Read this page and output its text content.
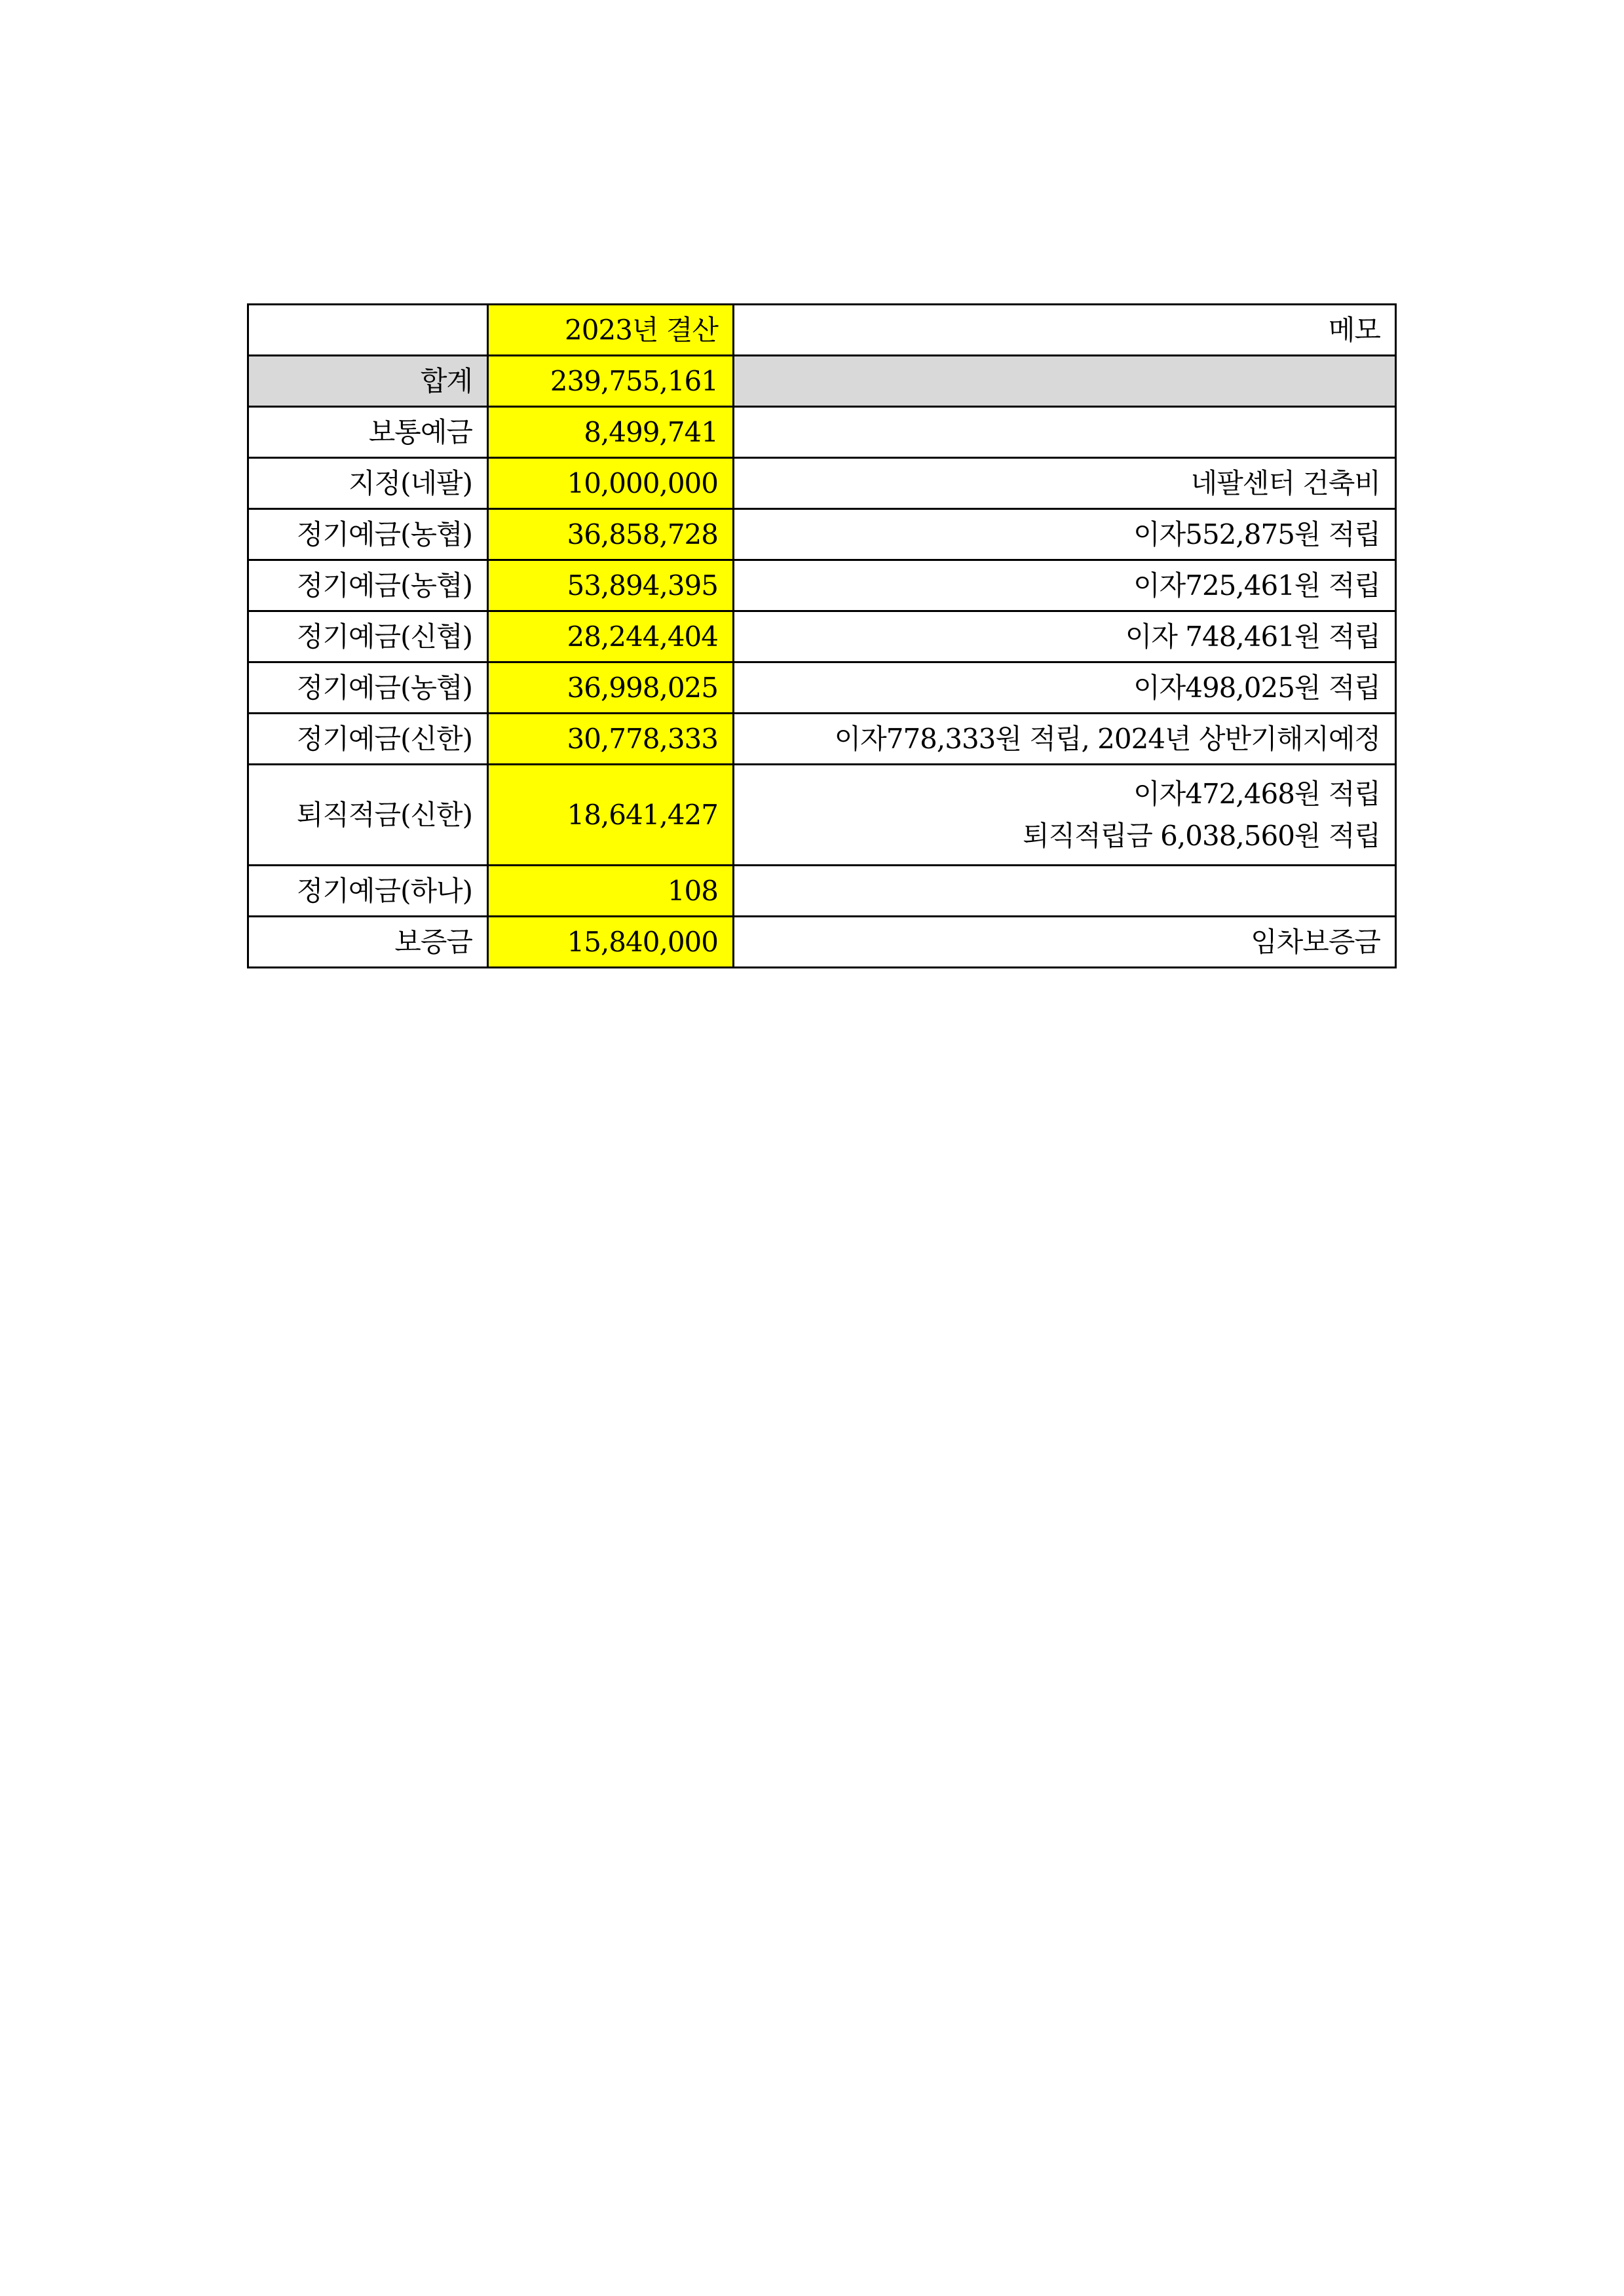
	2023년 결산	메모
합계	239,755,161	
보통예금	8,499,741	
지정(네팔)	10,000,000	네팔센터 건축비
정기예금(농협)	36,858,728	이자552,875원 적립
정기예금(농협)	53,894,395	이자725,461원 적립
정기예금(신협)	28,244,404	이자 748,461원 적립
정기예금(농협)	36,998,025	이자498,025원 적립
정기예금(신한)	30,778,333	이자778,333원 적립, 2024년 상반기해지예정
퇴직적금(신한)	18,641,427	이자472,468원 적립
퇴직적립금 6,038,560원 적립

정기예금(하나)	108	
보증금	15,840,000	임차보증금
